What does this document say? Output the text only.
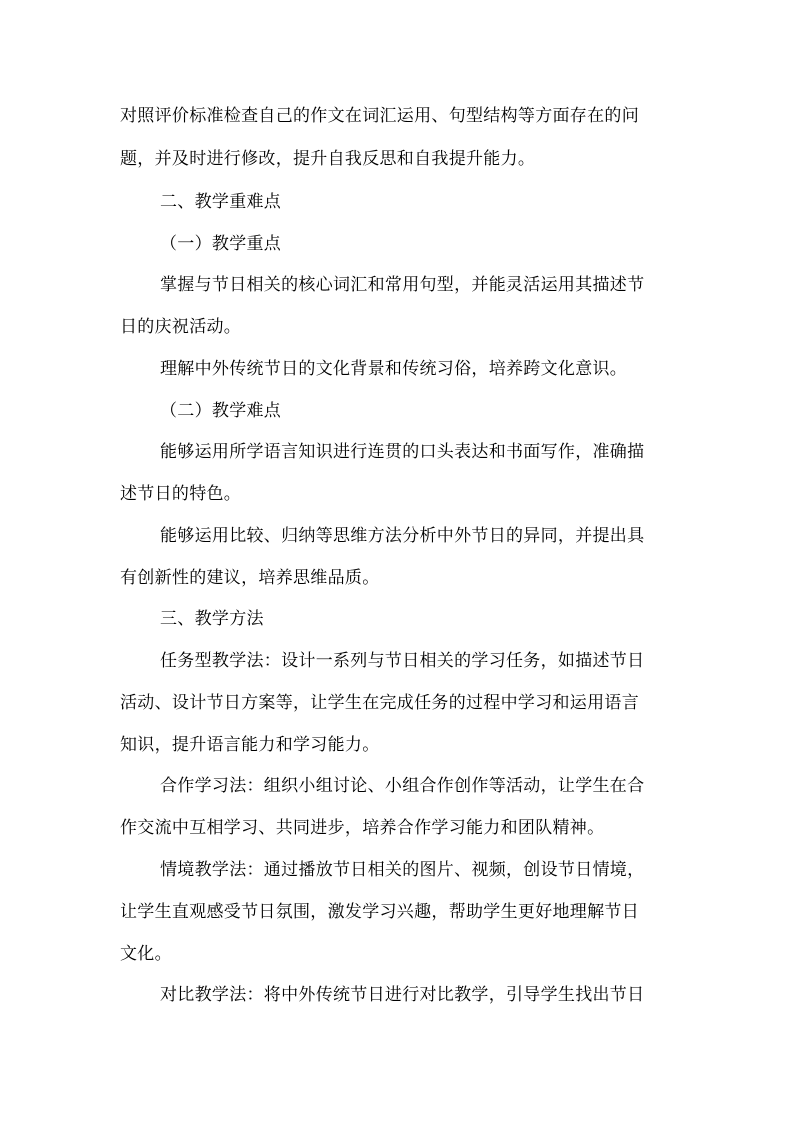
对照评价标准检查自己的作文在词汇运用、句型结构等方面存在的问
题，并及时进行修改，提升自我反思和自我提升能力。
二、教学重难点
（一）教学重点
掌握与节日相关的核心词汇和常用句型，并能灵活运用其描述节
日的庆祝活动。
理解中外传统节日的文化背景和传统习俗，培养跨文化意识。
（二）教学难点
能够运用所学语言知识进行连贯的口头表达和书面写作，准确描
述节日的特色。
能够运用比较、归纳等思维方法分析中外节日的异同，并提出具
有创新性的建议，培养思维品质。
三、教学方法
任务型教学法：设计一系列与节日相关的学习任务，如描述节日
活动、设计节日方案等，让学生在完成任务的过程中学习和运用语言
知识，提升语言能力和学习能力。
合作学习法：组织小组讨论、小组合作创作等活动，让学生在合
作交流中互相学习、共同进步，培养合作学习能力和团队精神。
情境教学法：通过播放节日相关的图片、视频，创设节日情境，
让学生直观感受节日氛围，激发学习兴趣，帮助学生更好地理解节日
文化。
对比教学法：将中外传统节日进行对比教学，引导学生找出节日
